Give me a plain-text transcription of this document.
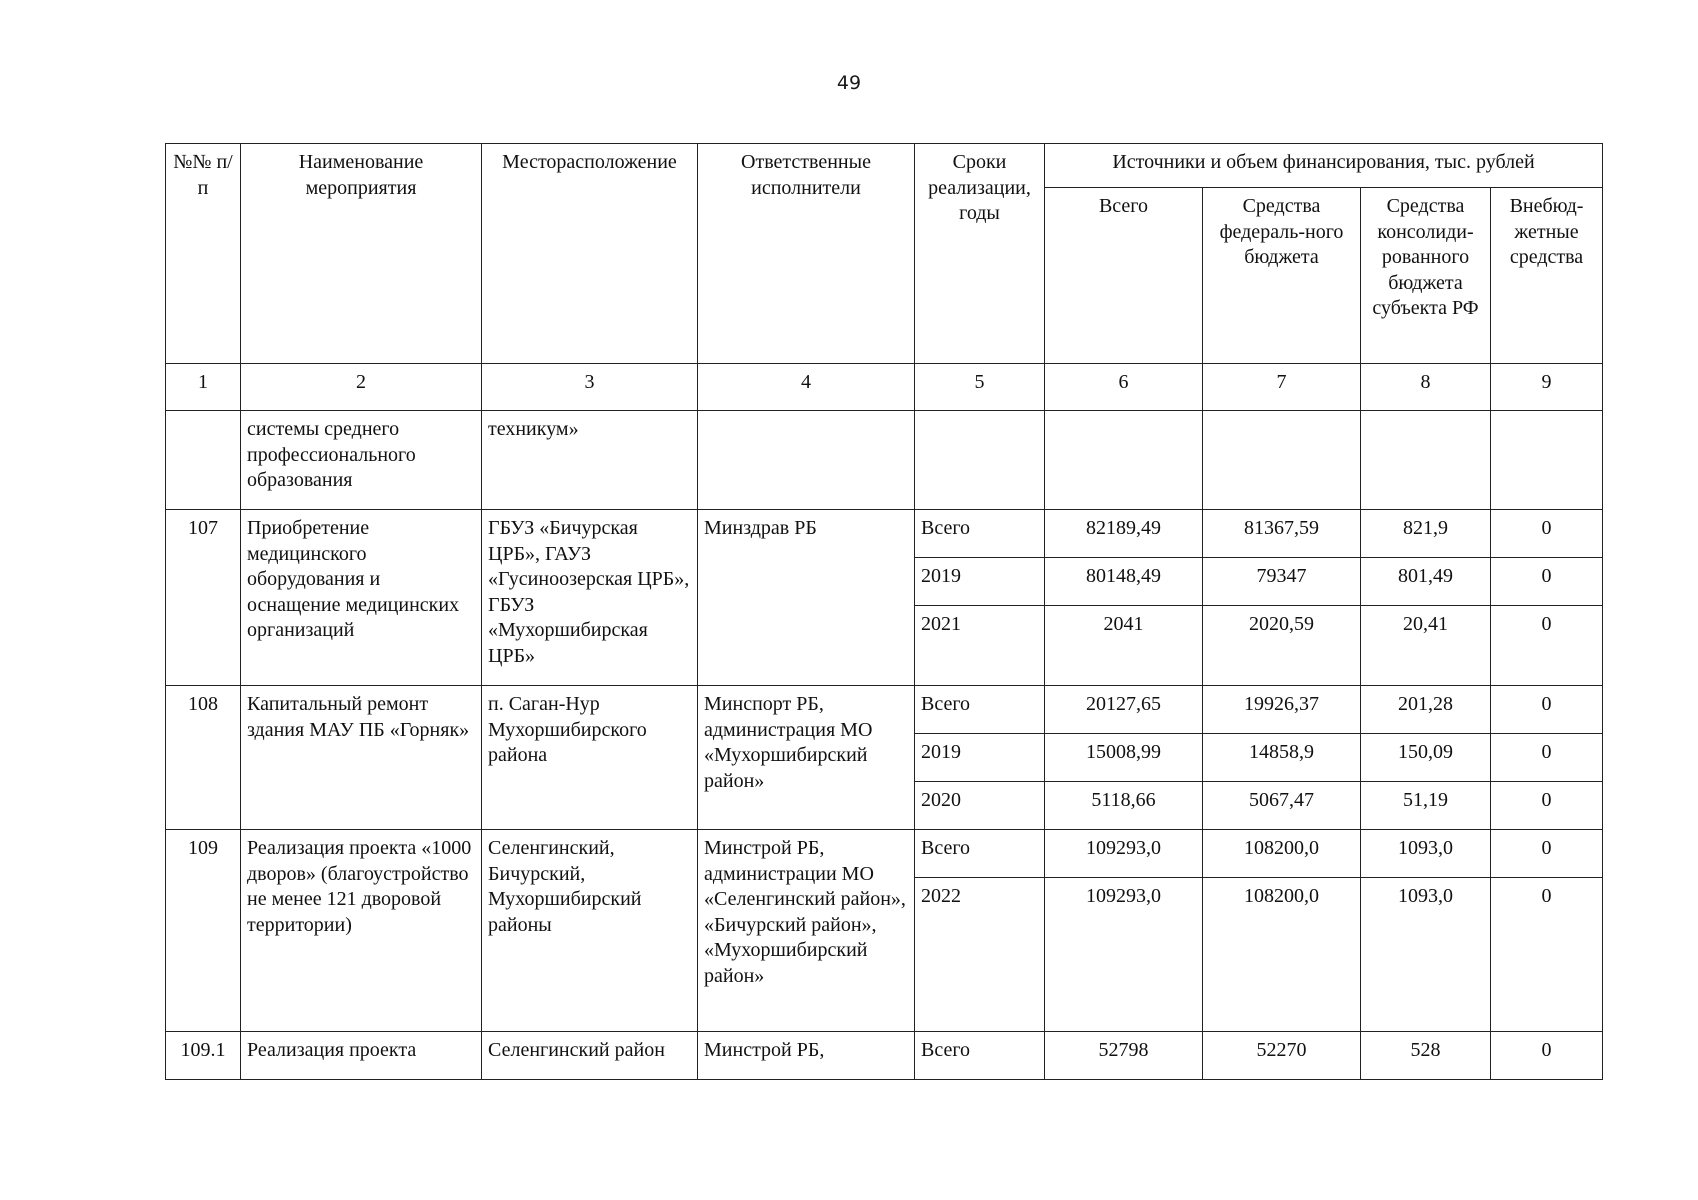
49
№№ п/п	Наименование мероприятия	Месторасположение	Ответственные исполнители	Сроки реализации, годы	Источники и объем финансирования, тыс. рублей			
					Всего	Средства федераль-ного бюджета	Средства консолиди-рованного бюджета субъекта РФ	Внебюд-жетные средства
1	2	3	4	5	6	7	8	9
	системы среднего профессионального образования	техникум»						
107	Приобретение медицинского оборудования и оснащение медицинских организаций	ГБУЗ «Бичурская ЦРБ», ГАУЗ «Гусиноозерская ЦРБ», ГБУЗ «Мухоршибирская ЦРБ»	Минздрав РБ	Всего	82189,49	81367,59	821,9	0
				2019	80148,49	79347	801,49	0
				2021	2041	2020,59	20,41	0
108	Капитальный ремонт здания МАУ ПБ «Горняк»	п. Саган-Нур Мухоршибирского района	Минспорт РБ, администрация МО «Мухоршибирский район»	Всего	20127,65	19926,37	201,28	0
				2019	15008,99	14858,9	150,09	0
				2020	5118,66	5067,47	51,19	0
109	Реализация проекта «1000 дворов» (благоустройство не менее 121 дворовой территории)	Селенгинский, Бичурский, Мухоршибирский районы	Минстрой РБ, администрации МО «Селенгинский район», «Бичурский район», «Мухоршибирский район»	Всего	109293,0	108200,0	1093,0	0
				2022	109293,0	108200,0	1093,0	0
109.1	Реализация проекта	Селенгинский район	Минстрой РБ,	Всего	52798	52270	528	0
